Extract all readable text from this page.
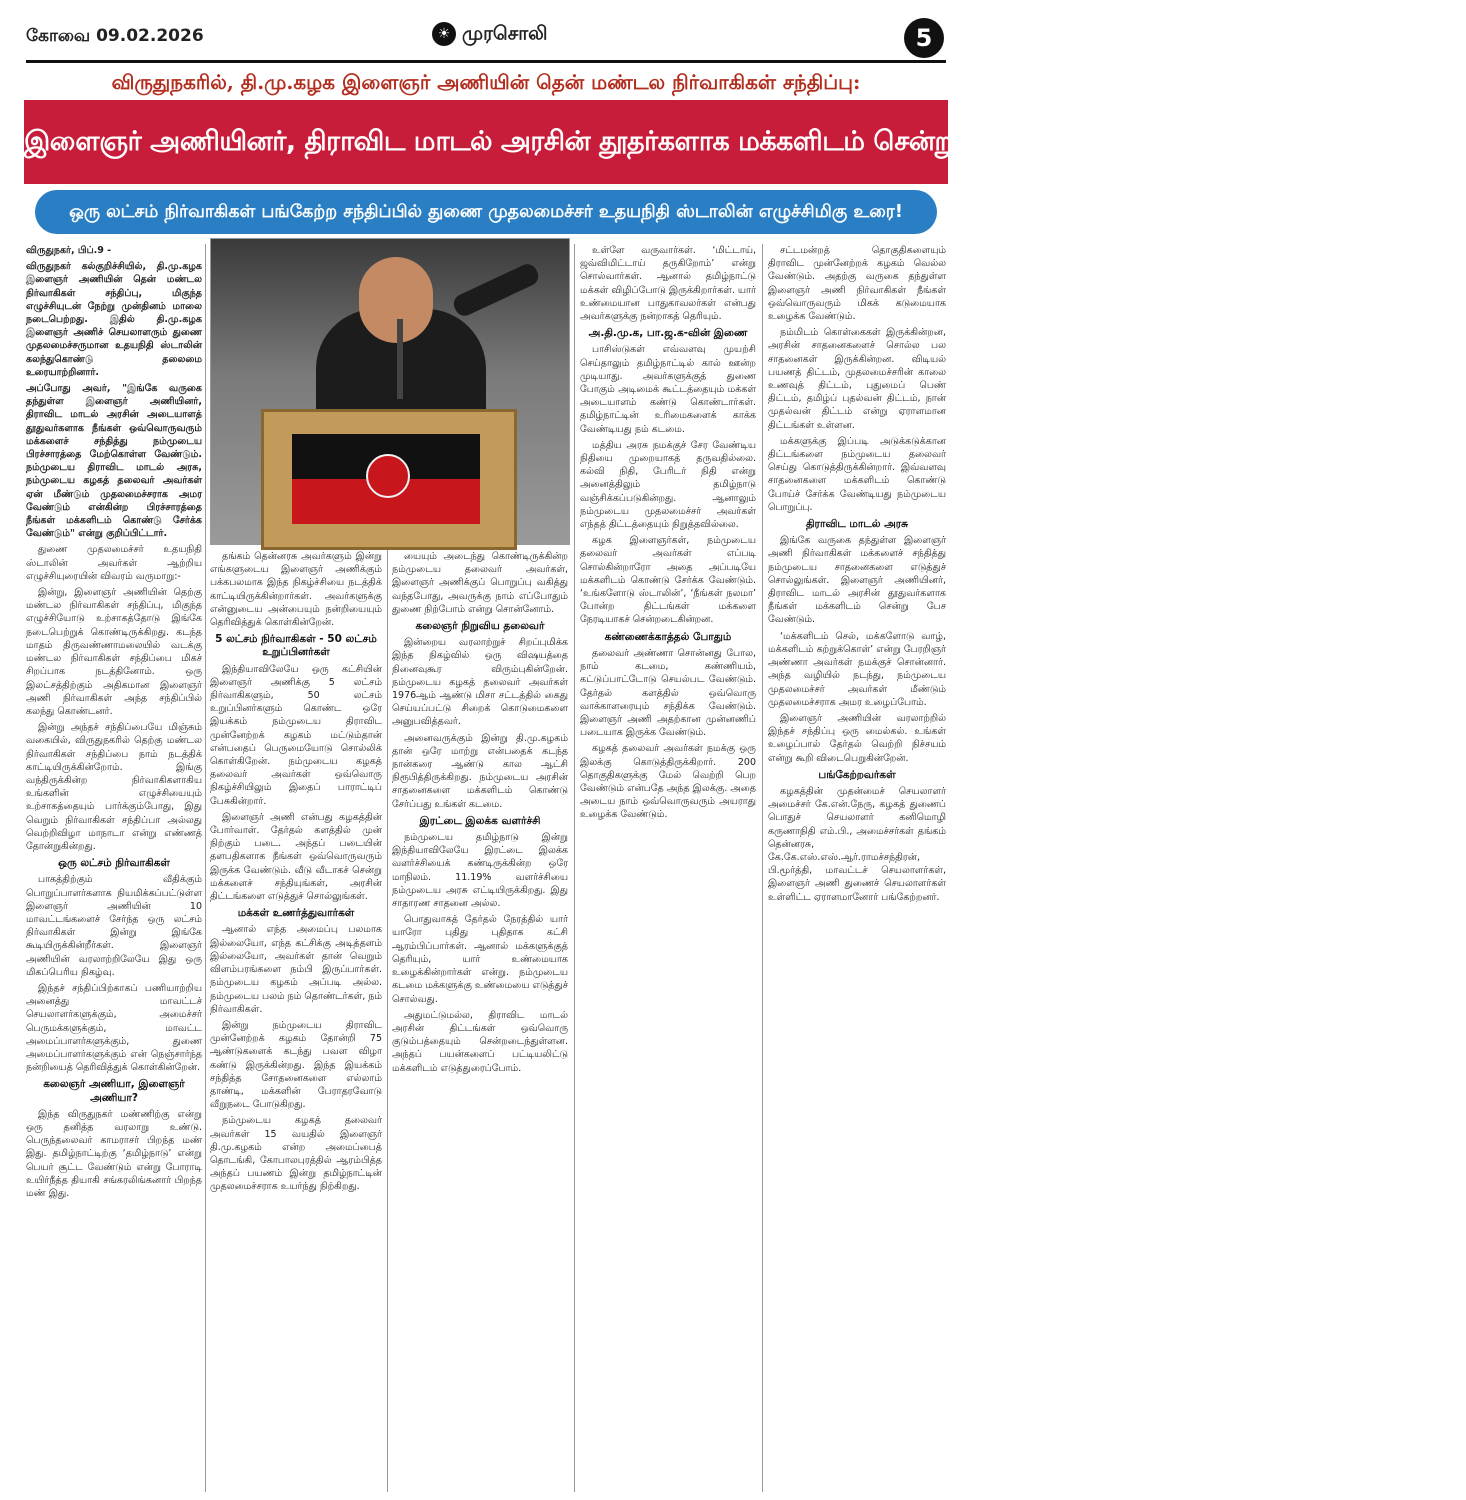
கோவை 09.02.2026	☀ முரசொலி	5
விருதுநகரில், தி.மு.கழக இளைஞர் அணியின் தென் மண்டல நிர்வாகிகள் சந்திப்பு:
இளைஞர் அணியினர், திராவிட மாடல் அரசின் தூதர்களாக மக்களிடம் சென்று நம் சாதனைகளை எடுத்துச் சொல்லுங்கள்!
ஒரு லட்சம் நிர்வாகிகள் பங்கேற்ற சந்திப்பில் துணை முதலமைச்சர் உதயநிதி ஸ்டாலின் எழுச்சிமிகு உரை!

விருதுநகர், பிப்.9 -

விருதுநகர் கல்குறிச்சியில், தி.மு.கழக இளைஞர் அணியின் தென் மண்டல நிர்வாகிகள் சந்திப்பு, மிகுந்த எழுச்சியுடன் நேற்று முன்தினம் மாலை நடைபெற்றது. இதில் தி.மு.கழக இளைஞர் அணிச் செயலாளரும் துணை முதலமைச்சருமான உதயநிதி ஸ்டாலின் கலந்துகொண்டு தலைமை உரையாற்றினார்.

அப்போது அவர், "இங்கே வருகை தந்துள்ள இளைஞர் அணியினர், திராவிட மாடல் அரசின் அடையாளத் தூதுவர்களாக நீங்கள் ஒவ்வொருவரும் மக்களைச் சந்தித்து நம்முடைய பிரச்சாரத்தை மேற்கொள்ள வேண்டும். நம்முடைய திராவிட மாடல் அரசு, நம்முடைய கழகத் தலைவர் அவர்கள் ஏன் மீண்டும் முதலமைச்சராக அமர வேண்டும் என்கின்ற பிரச்சாரத்தை நீங்கள் மக்களிடம் கொண்டு சேர்க்க வேண்டும்" என்று குறிப்பிட்டார்.

துணை முதலமைச்சர் உதயநிதி ஸ்டாலின் அவர்கள் ஆற்றிய எழுச்சியுரையின் விவரம் வருமாறு:-

இன்று, இளைஞர் அணியின் தெற்கு மண்டல நிர்வாகிகள் சந்திப்பு, மிகுந்த எழுச்சியோடு உற்சாகத்தோடு இங்கே நடைபெற்றுக் கொண்டிருக்கிறது. கடந்த மாதம் திருவண்ணாமலையில் வடக்கு மண்டல நிர்வாகிகள் சந்திப்பை மிகச் சிறப்பாக நடத்தினோம். ஒரு இலட்சத்திற்கும் அதிகமான இளைஞர் அணி நிர்வாகிகள் அந்த சந்திப்பில் கலந்து கொண்டனர்.

இன்று அந்தச் சந்திப்பையே மிஞ்சும் வகையில், விருதுநகரில் தெற்கு மண்டல நிர்வாகிகள் சந்திப்பை நாம் நடத்திக் காட்டியிருக்கின்றோம். இங்கு வந்திருக்கின்ற நிர்வாகிகளாகிய உங்களின் எழுச்சியையும் உற்சாகத்தையும் பார்க்கும்போது, இது வெறும் நிர்வாகிகள் சந்திப்பா அல்லது வெற்றிவிழா மாநாடா என்று எண்ணத் தோன்றுகின்றது.

ஒரு லட்சம் நிர்வாகிகள்

பாகத்திற்கும் வீதிக்கும் பொறுப்பாளர்களாக நியமிக்கப்பட்டுள்ள இளைஞர் அணியின் 10 மாவட்டங்களைச் சேர்ந்த ஒரு லட்சம் நிர்வாகிகள் இன்று இங்கே கூடியிருக்கின்றீர்கள். இளைஞர் அணியின் வரலாற்றிலேயே இது ஒரு மிகப்பெரிய நிகழ்வு.

இந்தச் சந்திப்பிற்காகப் பணியாற்றிய அனைத்து மாவட்டச் செயலாளர்களுக்கும், அமைச்சர் பெருமக்களுக்கும், மாவட்ட அமைப்பாளர்களுக்கும், துணை அமைப்பாளர்களுக்கும் என் நெஞ்சார்ந்த நன்றியைத் தெரிவித்துக் கொள்கின்றேன்.

கலைஞர் அணியா, இளைஞர் அணியா?

இந்த விருதுநகர் மண்ணிற்கு என்று ஒரு தனித்த வரலாறு உண்டு. பெருந்தலைவர் காமராசர் பிறந்த மண் இது. தமிழ்நாட்டிற்கு ‘தமிழ்நாடு’ என்று பெயர் சூட்ட வேண்டும் என்று போராடி உயிர்நீத்த தியாகி சங்கரலிங்கனார் பிறந்த மண் இது.

தங்கம் தென்னரசு அவர்களும் இன்று எங்களுடைய இளைஞர் அணிக்கும் பக்கபலமாக இந்த நிகழ்ச்சியை நடத்திக் காட்டியிருக்கின்றார்கள். அவர்களுக்கு என்னுடைய அன்பையும் நன்றியையும் தெரிவித்துக் கொள்கின்றேன்.

5 லட்சம் நிர்வாகிகள் - 50 லட்சம் உறுப்பினர்கள்

இந்தியாவிலேயே ஒரு கட்சியின் இளைஞர் அணிக்கு 5 லட்சம் நிர்வாகிகளும், 50 லட்சம் உறுப்பினர்களும் கொண்ட ஒரே இயக்கம் நம்முடைய திராவிட முன்னேற்றக் கழகம் மட்டும்தான் என்பதைப் பெருமையோடு சொல்லிக் கொள்கிறேன். நம்முடைய கழகத் தலைவர் அவர்கள் ஒவ்வொரு நிகழ்ச்சியிலும் இதைப் பாராட்டிப் பேசுகின்றார்.

இளைஞர் அணி என்பது கழகத்தின் போர்வாள். தேர்தல் களத்தில் முன் நிற்கும் படை. அந்தப் படையின் தளபதிகளாக நீங்கள் ஒவ்வொருவரும் இருக்க வேண்டும். வீடு வீடாகச் சென்று மக்களைச் சந்தியுங்கள், அரசின் திட்டங்களை எடுத்துச் சொல்லுங்கள்.

மக்கள் உணர்த்துவார்கள்

ஆனால் எந்த அமைப்பு பலமாக இல்லையோ, எந்த கட்சிக்கு அடித்தளம் இல்லையோ, அவர்கள் தான் வெறும் விளம்பரங்களை நம்பி இருப்பார்கள். நம்முடைய கழகம் அப்படி அல்ல. நம்முடைய பலம் நம் தொண்டர்கள், நம் நிர்வாகிகள்.

இன்று நம்முடைய திராவிட முன்னேற்றக் கழகம் தோன்றி 75 ஆண்டுகளைக் கடந்து பவள விழா கண்டு இருக்கின்றது. இந்த இயக்கம் சந்தித்த சோதனைகளை எல்லாம் தாண்டி, மக்களின் பேராதரவோடு வீறுநடை போடுகிறது.

நம்முடைய கழகத் தலைவர் அவர்கள் 15 வயதில் இளைஞர் தி.மு.கழகம் என்ற அமைப்பைத் தொடங்கி, கோபாலபுரத்தில் ஆரம்பித்த அந்தப் பயணம் இன்று தமிழ்நாட்டின் முதலமைச்சராக உயர்ந்து நிற்கிறது.

யையும் அடைந்து கொண்டிருக்கின்ற நம்முடைய தலைவர் அவர்கள், இளைஞர் அணிக்குப் பொறுப்பு வகித்து வந்தபோது, அவருக்கு நாம் எப்போதும் துணை நிற்போம் என்று சொன்னோம்.

கலைஞர் நிறுவிய தலைவர்

இன்றைய வரலாற்றுச் சிறப்புமிக்க இந்த நிகழ்வில் ஒரு விஷயத்தை நினைவுகூர விரும்புகின்றேன். நம்முடைய கழகத் தலைவர் அவர்கள் 1976ஆம் ஆண்டு மிசா சட்டத்தில் கைது செய்யப்பட்டு சிறைக் கொடுமைகளை அனுபவித்தவர்.

அனைவருக்கும் இன்று தி.மு.கழகம் தான் ஒரே மாற்று என்பதைக் கடந்த நான்கரை ஆண்டு கால ஆட்சி நிரூபித்திருக்கிறது. நம்முடைய அரசின் சாதனைகளை மக்களிடம் கொண்டு சேர்ப்பது உங்கள் கடமை.

இரட்டை இலக்க வளர்ச்சி

நம்முடைய தமிழ்நாடு இன்று இந்தியாவிலேயே இரட்டை இலக்க வளர்ச்சியைக் கண்டிருக்கின்ற ஒரே மாநிலம். 11.19% வளர்ச்சியை நம்முடைய அரசு எட்டியிருக்கிறது. இது சாதாரண சாதனை அல்ல.

பொதுவாகத் தேர்தல் நேரத்தில் யார் யாரோ புதிது புதிதாக கட்சி ஆரம்பிப்பார்கள். ஆனால் மக்களுக்குத் தெரியும், யார் உண்மையாக உழைக்கின்றார்கள் என்று. நம்முடைய கடமை மக்களுக்கு உண்மையை எடுத்துச் சொல்வது.

அதுமட்டுமல்ல, திராவிட மாடல் அரசின் திட்டங்கள் ஒவ்வொரு குடும்பத்தையும் சென்றடைந்துள்ளன. அந்தப் பயன்களைப் பட்டியலிட்டு மக்களிடம் எடுத்துரைப்போம்.

உள்ளே வருவார்கள். ‘மிட்டாய், ஜவ்விமிட்டாய் தருகிறோம்’ என்று சொல்வார்கள். ஆனால் தமிழ்நாட்டு மக்கள் விழிப்போடு இருக்கிறார்கள். யார் உண்மையான பாதுகாவலர்கள் என்பது அவர்களுக்கு நன்றாகத் தெரியும்.

அ.தி.மு.க, பா.ஜ.க-வின் இணை

பாசிஸ்டுகள் எவ்வளவு முயற்சி செய்தாலும் தமிழ்நாட்டில் கால் ஊன்ற முடியாது. அவர்களுக்குத் துணை போகும் அடிமைக் கூட்டத்தையும் மக்கள் அடையாளம் கண்டு கொண்டார்கள். தமிழ்நாட்டின் உரிமைகளைக் காக்க வேண்டியது நம் கடமை.

மத்திய அரசு நமக்குச் சேர வேண்டிய நிதியை முறையாகத் தருவதில்லை. கல்வி நிதி, பேரிடர் நிதி என்று அனைத்திலும் தமிழ்நாடு வஞ்சிக்கப்படுகின்றது. ஆனாலும் நம்முடைய முதலமைச்சர் அவர்கள் எந்தத் திட்டத்தையும் நிறுத்தவில்லை.

கழக இளைஞர்கள், நம்முடைய தலைவர் அவர்கள் எப்படி சொல்கின்றாரோ அதை அப்படியே மக்களிடம் கொண்டு சேர்க்க வேண்டும். ‘உங்களோடு ஸ்டாலின்’, ‘நீங்கள் நலமா’ போன்ற திட்டங்கள் மக்களை நேரடியாகச் சென்றடைகின்றன.

கண்ணைக்காத்தல் போதும்

தலைவர் அண்ணா சொன்னது போல, நாம் கடமை, கண்ணியம், கட்டுப்பாட்டோடு செயல்பட வேண்டும். தேர்தல் களத்தில் ஒவ்வொரு வாக்காளரையும் சந்திக்க வேண்டும். இளைஞர் அணி அதற்கான முன்னணிப் படையாக இருக்க வேண்டும்.

கழகத் தலைவர் அவர்கள் நமக்கு ஒரு இலக்கு கொடுத்திருக்கிறார். 200 தொகுதிகளுக்கு மேல் வெற்றி பெற வேண்டும் என்பதே அந்த இலக்கு. அதை அடைய நாம் ஒவ்வொருவரும் அயராது உழைக்க வேண்டும்.

சட்டமன்றத் தொகுதிகளையும் திராவிட முன்னேற்றக் கழகம் வெல்ல வேண்டும். அதற்கு வருகை தந்துள்ள இளைஞர் அணி நிர்வாகிகள் நீங்கள் ஒவ்வொருவரும் மிகக் கடுமையாக உழைக்க வேண்டும்.

நம்மிடம் கொள்கைகள் இருக்கின்றன, அரசின் சாதனைகளைச் சொல்ல பல சாதனைகள் இருக்கின்றன. விடியல் பயணத் திட்டம், முதலமைச்சரின் காலை உணவுத் திட்டம், புதுமைப் பெண் திட்டம், தமிழ்ப் புதல்வன் திட்டம், நான் முதல்வன் திட்டம் என்று ஏராளமான திட்டங்கள் உள்ளன.

மக்களுக்கு இப்படி அடுக்கடுக்கான திட்டங்களை நம்முடைய தலைவர் செய்து கொடுத்திருக்கின்றார். இவ்வளவு சாதனைகளை மக்களிடம் கொண்டு போய்ச் சேர்க்க வேண்டியது நம்முடைய பொறுப்பு.

திராவிட மாடல் அரசு

இங்கே வருகை தந்துள்ள இளைஞர் அணி நிர்வாகிகள் மக்களைச் சந்தித்து நம்முடைய சாதனைகளை எடுத்துச் சொல்லுங்கள். இளைஞர் அணியினர், திராவிட மாடல் அரசின் தூதுவர்களாக நீங்கள் மக்களிடம் சென்று பேச வேண்டும்.

‘மக்களிடம் செல், மக்களோடு வாழ், மக்களிடம் கற்றுக்கொள்’ என்று பேரறிஞர் அண்ணா அவர்கள் நமக்குச் சொன்னார். அந்த வழியில் நடந்து, நம்முடைய முதலமைச்சர் அவர்கள் மீண்டும் முதலமைச்சராக அமர உழைப்போம்.

இளைஞர் அணியின் வரலாற்றில் இந்தச் சந்திப்பு ஒரு மைல்கல். உங்கள் உழைப்பால் தேர்தல் வெற்றி நிச்சயம் என்று கூறி விடைபெறுகின்றேன்.

பங்கேற்றவர்கள்

கழகத்தின் முதன்மைச் செயலாளர் அமைச்சர் கே.என்.நேரு, கழகத் துணைப் பொதுச் செயலாளர் கனிமொழி கருணாநிதி எம்.பி., அமைச்சர்கள் தங்கம் தென்னரசு, கே.கே.எஸ்.எஸ்.ஆர்.ராமச்சந்திரன், பி.மூர்த்தி, மாவட்டச் செயலாளர்கள், இளைஞர் அணி துணைச் செயலாளர்கள் உள்ளிட்ட ஏராளமானோர் பங்கேற்றனர்.
